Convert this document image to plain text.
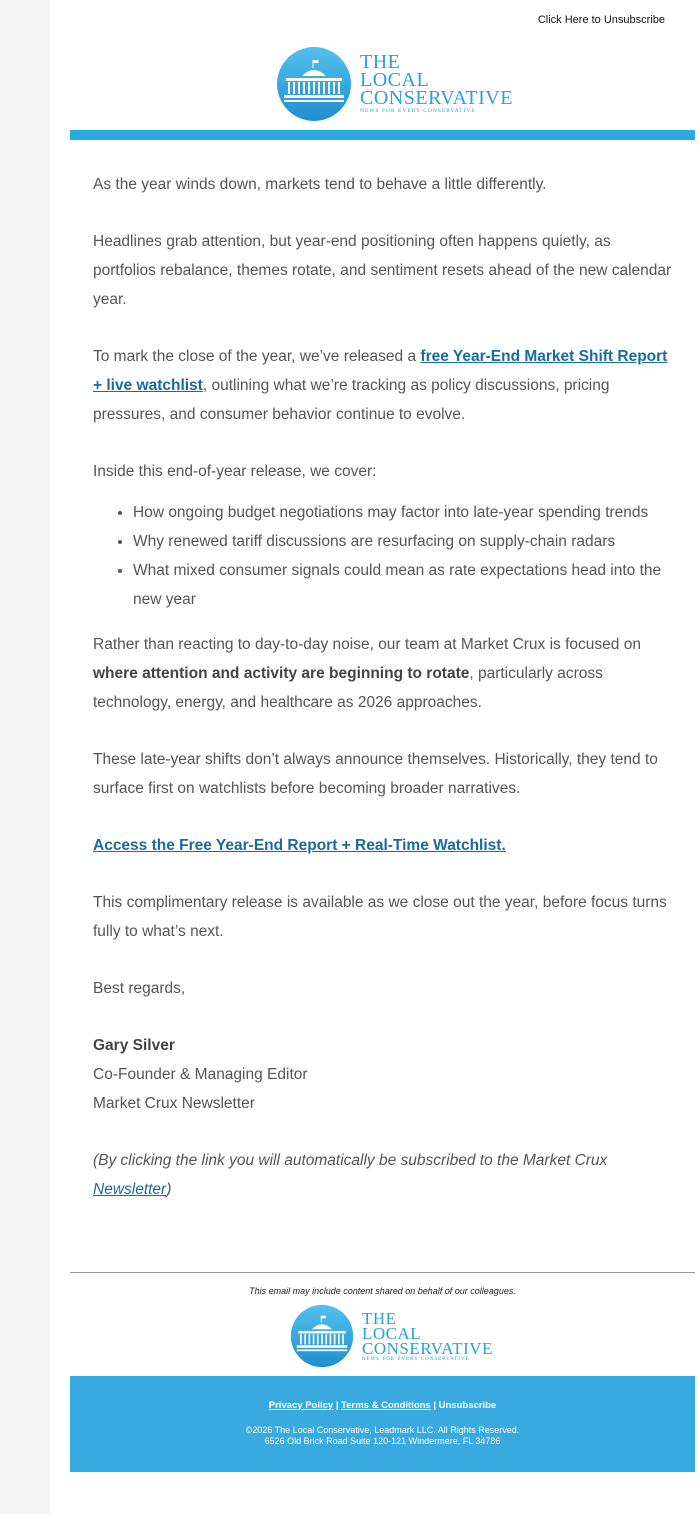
Click Here to Unsubscribe
THE
LOCAL
CONSERVATIVE
NEWS FOR EVERY CONSERVATIVE

As the year winds down, markets tend to behave a little differently.

Headlines grab attention, but year-end positioning often happens quietly, as portfolios rebalance, themes rotate, and sentiment resets ahead of the new calendar year.

To mark the close of the year, we’ve released a free Year-End Market Shift Report + live watchlist, outlining what we’re tracking as policy discussions, pricing pressures, and consumer behavior continue to evolve.

Inside this end-of-year release, we cover:

• How ongoing budget negotiations may factor into late-year spending trends
• Why renewed tariff discussions are resurfacing on supply-chain radars
• What mixed consumer signals could mean as rate expectations head into the new year

Rather than reacting to day-to-day noise, our team at Market Crux is focused on where attention and activity are beginning to rotate, particularly across technology, energy, and healthcare as 2026 approaches.

These late-year shifts don’t always announce themselves. Historically, they tend to surface first on watchlists before becoming broader narratives.

Access the Free Year-End Report + Real-Time Watchlist.

This complimentary release is available as we close out the year, before focus turns fully to what’s next.

Best regards,

Gary Silver
Co-Founder & Managing Editor
Market Crux Newsletter

(By clicking the link you will automatically be subscribed to the Market Crux Newsletter)

This email may include content shared on behalf of our colleagues.
THE
LOCAL
CONSERVATIVE
NEWS FOR EVERY CONSERVATIVE
Privacy Policy | Terms & Conditions | Unsubscribe
©2026 The Local Conservative, Leadmark LLC. All Rights Reserved.
6526 Old Brick Road Suite 120-121 Windermere, FL 34786
